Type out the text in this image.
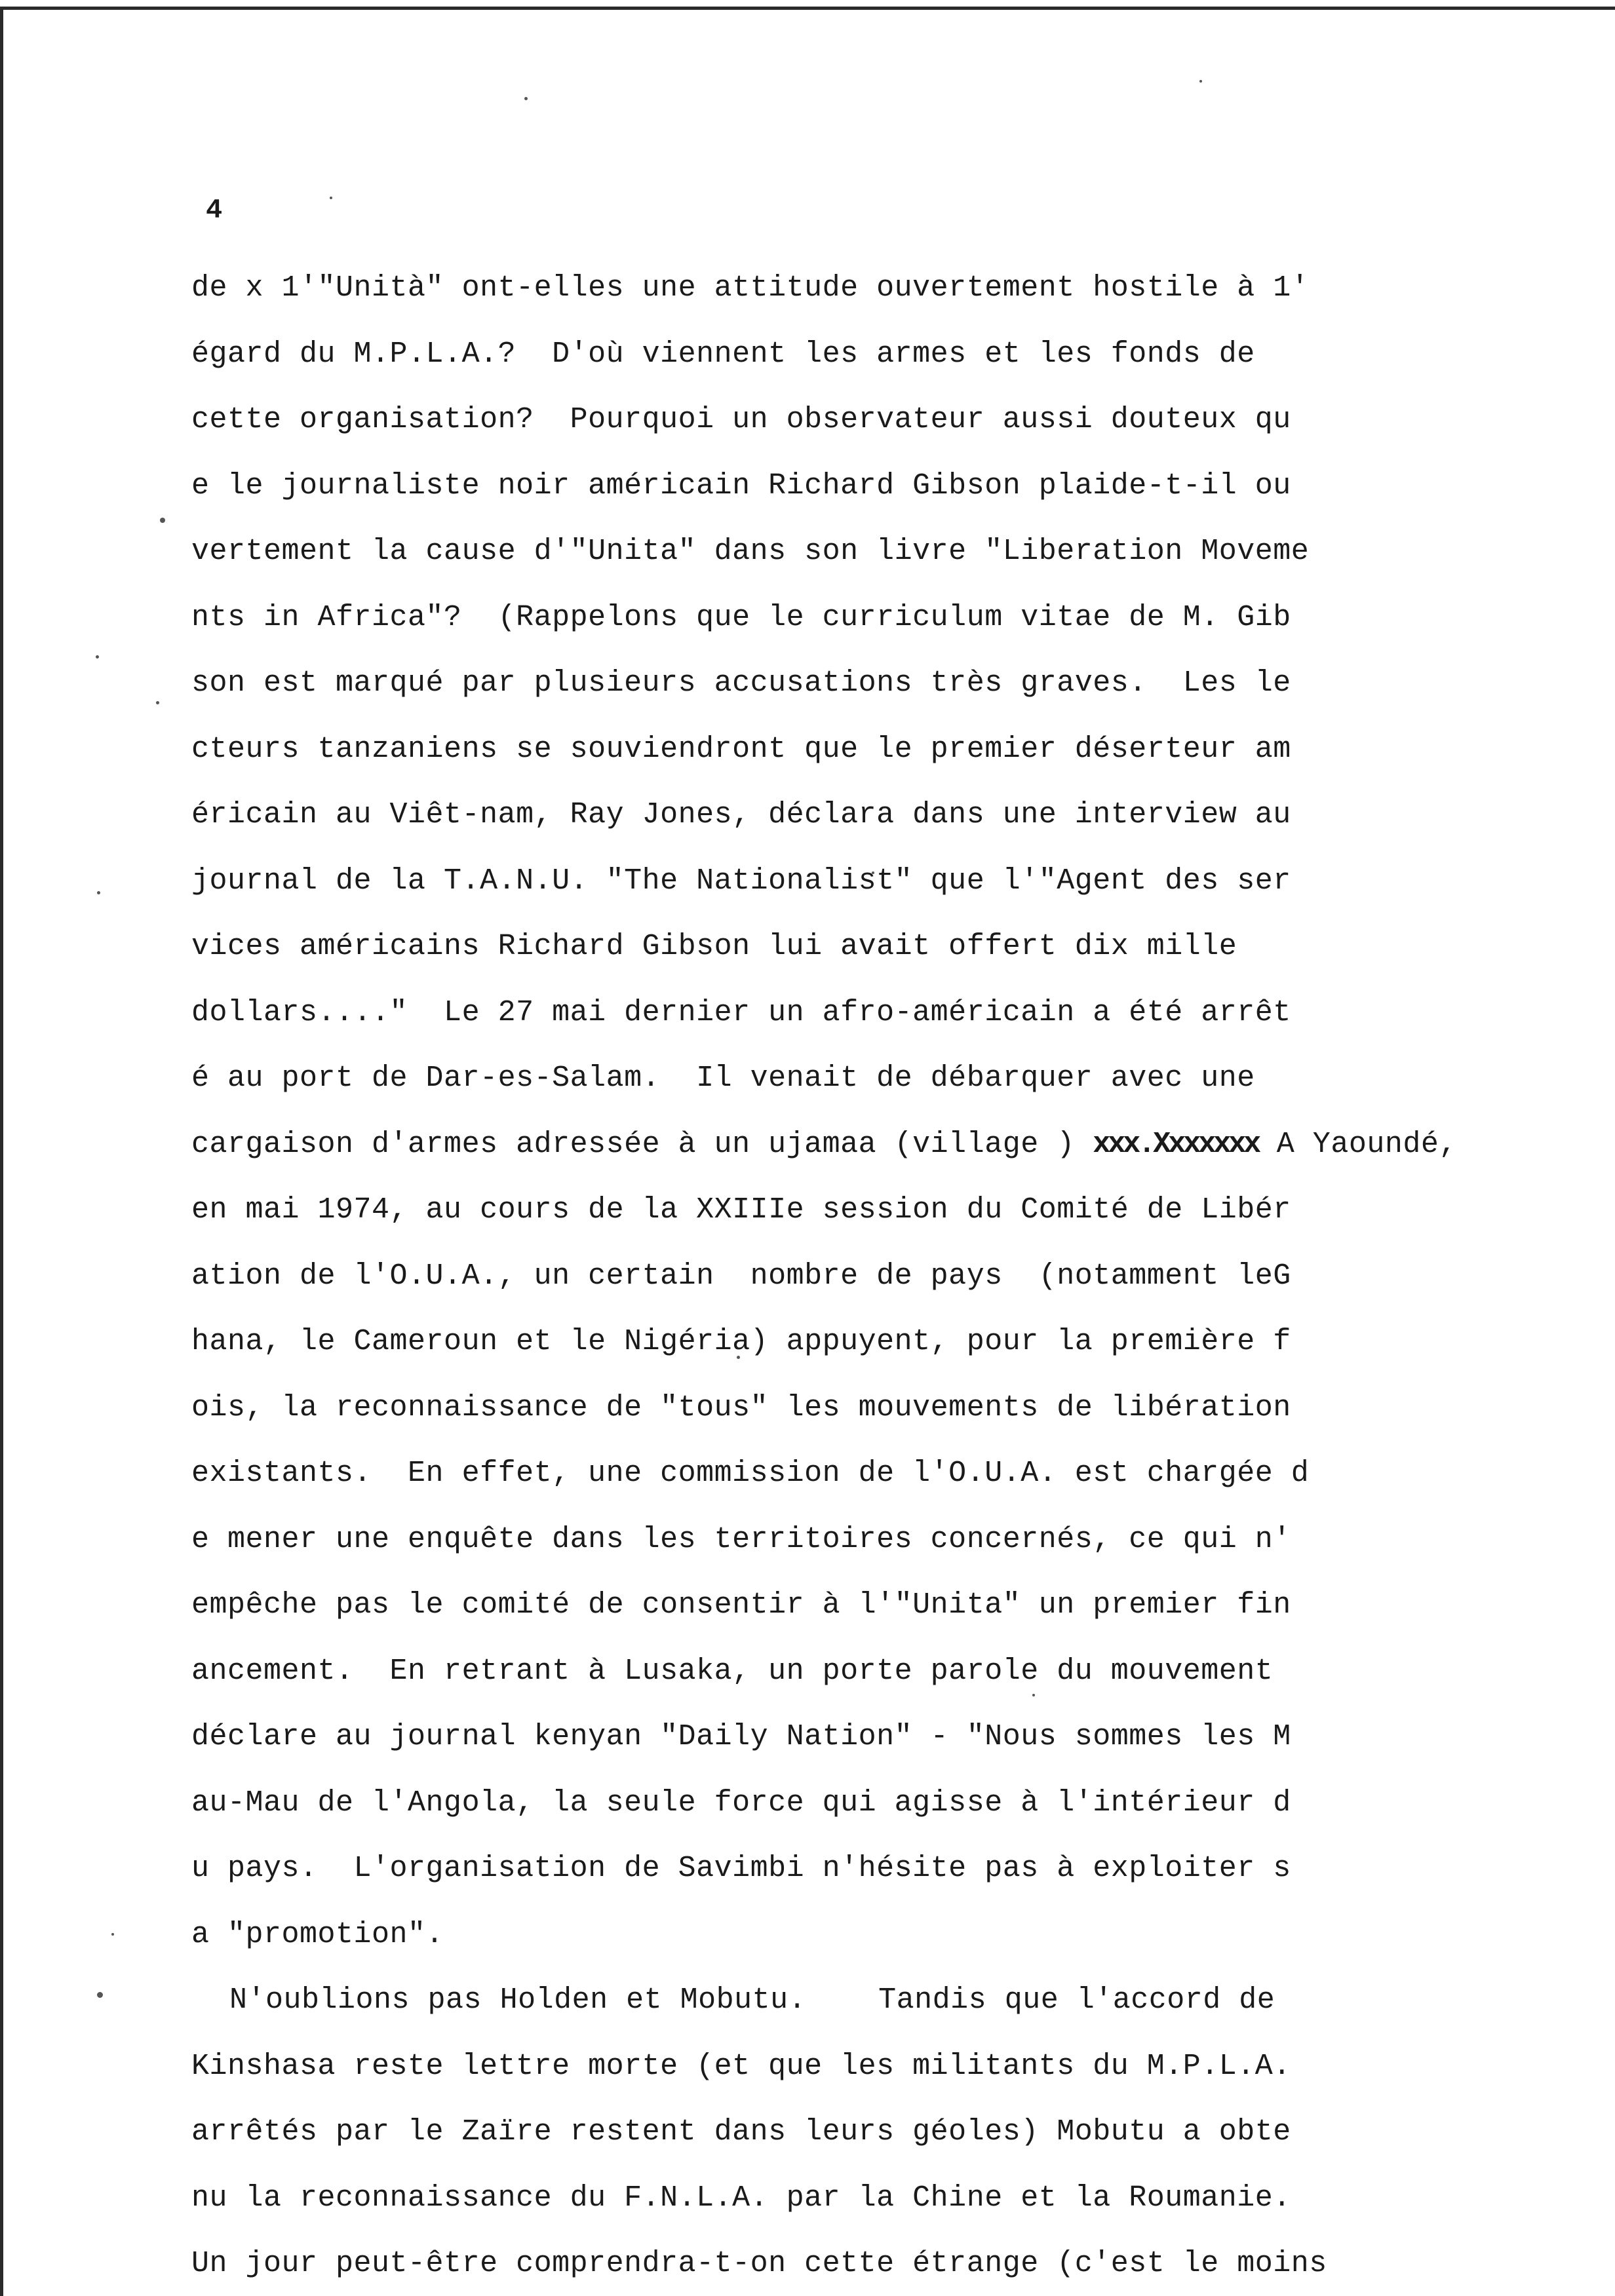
4
de x 1'"Unità" ont-elles une attitude ouvertement hostile à 1'
égard du M.P.L.A.?  D'où viennent les armes et les fonds de
cette organisation?  Pourquoi un observateur aussi douteux qu
e le journaliste noir américain Richard Gibson plaide-t-il ou
vertement la cause d'"Unita" dans son livre "Liberation Moveme
nts in Africa"?  (Rappelons que le curriculum vitae de M. Gib
son est marqué par plusieurs accusations très graves.  Les le
cteurs tanzaniens se souviendront que le premier déserteur am
éricain au Viêt-nam, Ray Jones, déclara dans une interview au
journal de la T.A.N.U. "The Nationalist" que l'"Agent des ser
vices américains Richard Gibson lui avait offert dix mille
dollars...."  Le 27 mai dernier un afro-américain a été arrêt
é au port de Dar-es-Salam.  Il venait de débarquer avec une
cargaison d'armes adressée à un ujamaa (village ) xxx.Xxxxxxx A Yaoundé,
en mai 1974, au cours de la XXIIIe session du Comité de Libér
ation de l'O.U.A., un certain  nombre de pays  (notamment leG
hana, le Cameroun et le Nigéria) appuyent, pour la première f
ois, la reconnaissance de "tous" les mouvements de libération
existants.  En effet, une commission de l'O.U.A. est chargée d
e mener une enquête dans les territoires concernés, ce qui n'
empêche pas le comité de consentir à l'"Unita" un premier fin
ancement.  En retrant à Lusaka, un porte parole du mouvement
déclare au journal kenyan "Daily Nation" - "Nous sommes les M
au-Mau de l'Angola, la seule force qui agisse à l'intérieur d
u pays.  L'organisation de Savimbi n'hésite pas à exploiter s
a "promotion".
N'oublions pas Holden et Mobutu.    Tandis que l'accord de
Kinshasa reste lettre morte (et que les militants du M.P.L.A.
arrêtés par le Zaïre restent dans leurs géoles) Mobutu a obte
nu la reconnaissance du F.N.L.A. par la Chine et la Roumanie.
Un jour peut-être comprendra-t-on cette étrange (c'est le moins
